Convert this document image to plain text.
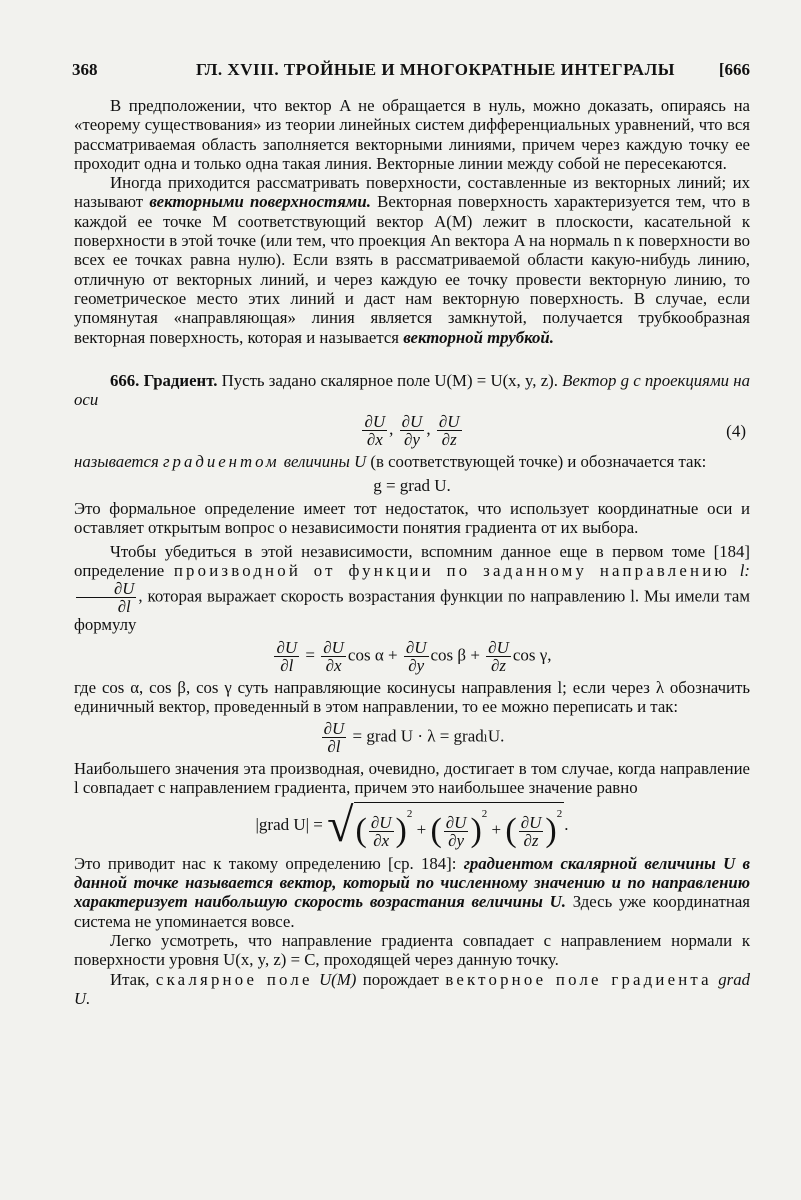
368	ГЛ. XVIII. ТРОЙНЫЕ И МНОГОКРАТНЫЕ ИНТЕГРАЛЫ	[666

В предположении, что вектор A не обращается в нуль, можно доказать, опираясь на «теорему существования» из теории линейных систем дифференциальных уравнений, что вся рассматриваемая область заполняется векторными линиями, причем через каждую точку ее проходит одна и только одна такая линия. Векторные линии между собой не пересекаются.

Иногда приходится рассматривать поверхности, составленные из векторных линий; их называют векторными поверхностями. Векторная поверхность характеризуется тем, что в каждой ее точке M соответствующий вектор A(M) лежит в плоскости, касательной к поверхности в этой точке (или тем, что проекция An вектора A на нормаль n к поверхности во всех ее точках равна нулю). Если взять в рассматриваемой области какую-нибудь линию, отличную от векторных линий, и через каждую ее точку провести векторную линию, то геометрическое место этих линий и даст нам векторную поверхность. В случае, если упомянутая «направляющая» линия является замкнутой, получается трубкообразная векторная поверхность, которая и называется векторной трубкой.

666. Градиент. Пусть задано скалярное поле U(M) = U(x, y, z). Вектор g с проекциями на оси

$\frac{\partial U}{\partial x}$ , $\frac{\partial U}{\partial y}$ , $\frac{\partial U}{\partial z}$	(4)

называется градиентом величины U (в соответствующей точке) и обозначается так:

g = grad U.

Это формальное определение имеет тот недостаток, что использует координатные оси и оставляет открытым вопрос о независимости понятия градиента от их выбора.

Чтобы убедиться в этой независимости, вспомним данное еще в первом томе [184] определение производной от функции по заданному направлению l:
$\frac{\partial U}{\partial l}$ , которая выражает скорость возрастания функции по направлению l. Мы имели там формулу

$\frac{\partial U}{\partial l} = \frac{\partial U}{\partial x}$ $\cos \alpha + \frac{\partial U}{\partial y}$ $\cos \beta + \frac{\partial U}{\partial z}$ cos γ,

где cos α, cos β, cos γ суть направляющие косинусы направления l; если через λ обозначить единичный вектор, проведенный в этом направлении, то ее можно переписать и так:

$\frac{\partial U}{\partial l}$ = grad U · λ = gradₗU.

Наибольшего значения эта производная, очевидно, достигает в том случае, когда направление l совпадает с направлением градиента, причем это наибольшее значение равно

|grad U| = √( $\frac{\partial U}{\partial x} )^2$ + ( $\frac{\partial U}{\partial y} )^2$ + ( $\frac{\partial U}{\partial z} )^2$.

Это приводит нас к такому определению [ср. 184]: градиентом скалярной величины U в данной точке называется вектор, который по численному значению и по направлению характеризует наибольшую скорость возрастания величины U. Здесь уже координатная система не упоминается вовсе.

Легко усмотреть, что направление градиента совпадает с направлением нормали к поверхности уровня U(x, y, z) = C, проходящей через данную точку.

Итак, скалярное поле U(M) порождает векторное поле градиента grad U.
